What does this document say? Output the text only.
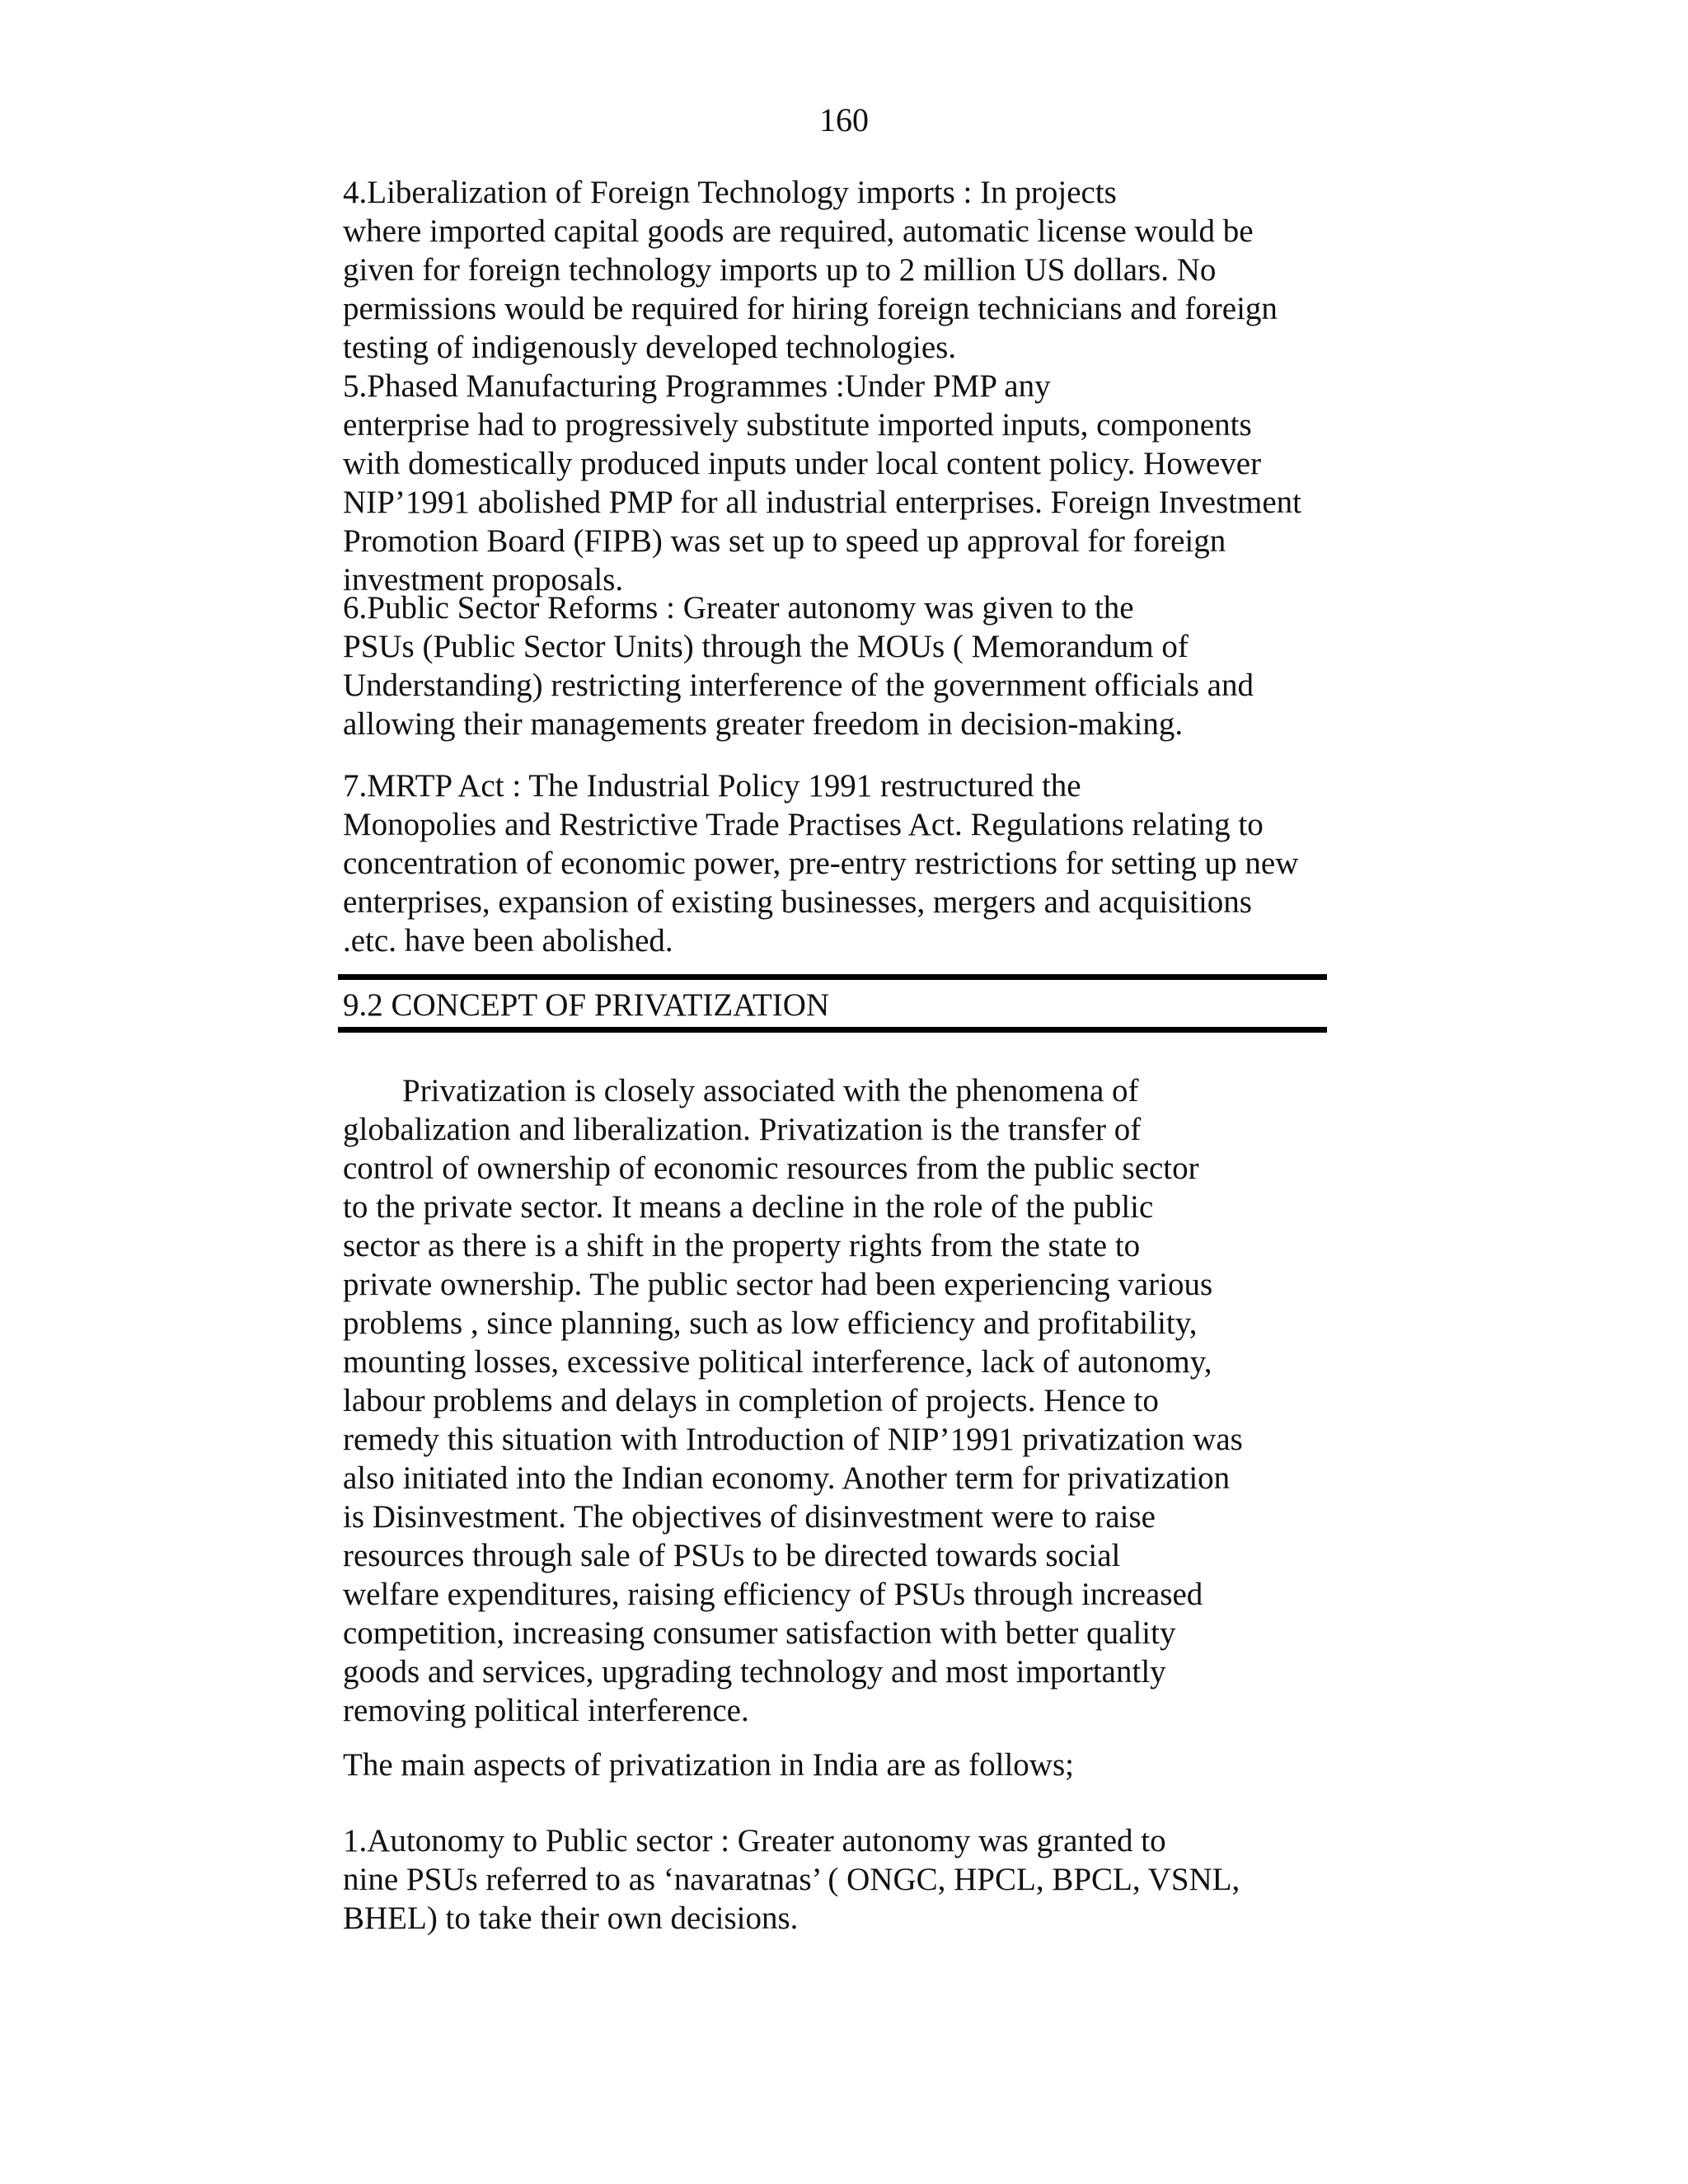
160

4.Liberalization of Foreign Technology imports : In projects

where imported capital goods are required, automatic license would be

given for foreign technology imports up to 2 million US dollars. No

permissions would be required for hiring foreign technicians and foreign

testing of indigenously developed technologies.

5.Phased Manufacturing Programmes :Under PMP any

enterprise had to progressively substitute imported inputs, components

with domestically produced inputs under local content policy. However

NIP’1991 abolished PMP for all industrial enterprises. Foreign Investment

Promotion Board (FIPB) was set up to speed up approval for foreign

investment proposals.

6.Public Sector Reforms : Greater autonomy was given to the

PSUs (Public Sector Units) through the MOUs ( Memorandum of

Understanding) restricting interference of the government officials and

allowing their managements greater freedom in decision-making.

7.MRTP Act : The Industrial Policy 1991 restructured the

Monopolies and Restrictive Trade Practises Act. Regulations relating to

concentration of economic power, pre-entry restrictions for setting up new

enterprises, expansion of existing businesses, mergers and acquisitions

.etc. have been abolished.

9.2 CONCEPT OF PRIVATIZATION

Privatization is closely associated with the phenomena of

globalization and liberalization. Privatization is the transfer of

control of ownership of economic resources from the public sector

to the private sector. It means a decline in the role of the public

sector as there is a shift in the property rights from the state to

private ownership. The public sector had been experiencing various

problems , since planning, such as low efficiency and profitability,

mounting losses, excessive political interference, lack of autonomy,

labour problems and delays in completion of projects. Hence to

remedy this situation with Introduction of NIP’1991 privatization was

also initiated into the Indian economy. Another term for privatization

is Disinvestment. The objectives of disinvestment were to raise

resources through sale of PSUs to be directed towards social

welfare expenditures, raising efficiency of PSUs through increased

competition, increasing consumer satisfaction with better quality

goods and services, upgrading technology and most importantly

removing political interference.

The main aspects of privatization in India are as follows;

1.Autonomy to Public sector : Greater autonomy was granted to

nine PSUs referred to as ‘navaratnas’ ( ONGC, HPCL, BPCL, VSNL,

BHEL) to take their own decisions.
